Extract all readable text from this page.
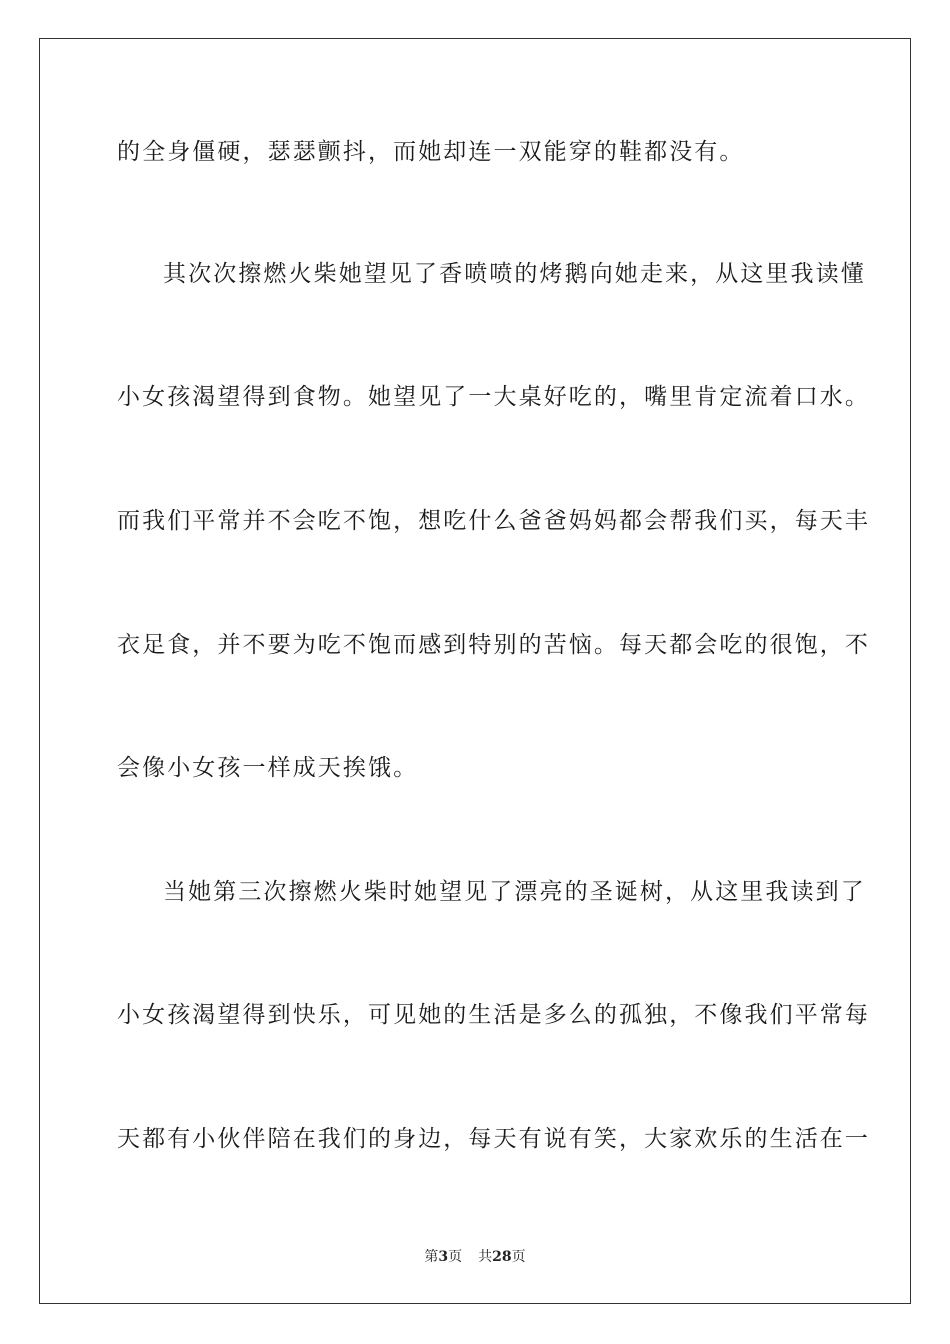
的全身僵硬，瑟瑟颤抖，而她却连一双能穿的鞋都没有。
其次次擦燃火柴她望见了香喷喷的烤鹅向她走来，从这里我读懂
小女孩渴望得到食物。她望见了一大桌好吃的，嘴里肯定流着口水。
而我们平常并不会吃不饱，想吃什么爸爸妈妈都会帮我们买，每天丰
衣足食，并不要为吃不饱而感到特别的苦恼。每天都会吃的很饱，不
会像小女孩一样成天挨饿。
当她第三次擦燃火柴时她望见了漂亮的圣诞树，从这里我读到了
小女孩渴望得到快乐，可见她的生活是多么的孤独，不像我们平常每
天都有小伙伴陪在我们的身边，每天有说有笑，大家欢乐的生活在一
第3页 共28页
